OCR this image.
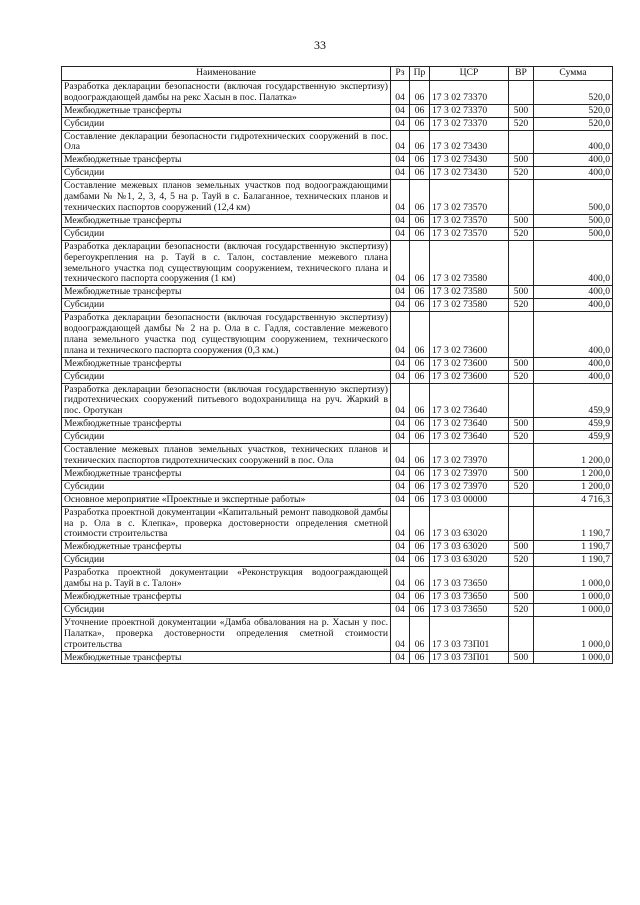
33
Наименование	Рз	Пр	ЦСР	ВР	Сумма
Разработка декларации безопасности (включая государственную экспертизу) водоограждающей дамбы на рекс Хасын в пос. Палатка»	04	06	17 3 02 73370		520,0
Межбюджетные трансферты	04	06	17 3 02 73370	500	520,0
Субсидии	04	06	17 3 02 73370	520	520,0
Составление декларации безопасности гидротехнических сооружений в пос. Ола	04	06	17 3 02 73430		400,0
Межбюджетные трансферты	04	06	17 3 02 73430	500	400,0
Субсидии	04	06	17 3 02 73430	520	400,0
Составление межевых планов земельных участков под водоограждающими дамбами № №1, 2, 3, 4, 5 на р. Тауй в с. Балаганное, технических планов и технических паспортов сооружений (12,4 км)	04	06	17 3 02 73570		500,0
Межбюджетные трансферты	04	06	17 3 02 73570	500	500,0
Субсидии	04	06	17 3 02 73570	520	500,0
Разработка декларации безопасности (включая государственную экспертизу) берегоукрепления на р. Тауй в с. Талон, составление межевого плана земельного участка под существующим сооружением, технического плана и технического паспорта сооружения (1 км)	04	06	17 3 02 73580		400,0
Межбюджетные трансферты	04	06	17 3 02 73580	500	400,0
Субсидии	04	06	17 3 02 73580	520	400,0
Разработка декларации безопасности (включая государственную экспертизу) водоограждающей дамбы № 2 на р. Ола в с. Гадля, составление межевого плана земельного участка под существующим сооружением, технического плана и технического паспорта сооружения (0,3 км.)	04	06	17 3 02 73600		400,0
Межбюджетные трансферты	04	06	17 3 02 73600	500	400,0
Субсидии	04	06	17 3 02 73600	520	400,0
Разработка декларации безопасности (включая государственную экспертизу) гидротехнических сооружений питьевого водохранилища на руч. Жаркий в пос. Оротукан	04	06	17 3 02 73640		459,9
Межбюджетные трансферты	04	06	17 3 02 73640	500	459,9
Субсидии	04	06	17 3 02 73640	520	459,9
Составление межевых планов земельных участков, технических планов и технических паспортов гидротехнических сооружений в пос. Ола	04	06	17 3 02 73970		1 200,0
Межбюджетные трансферты	04	06	17 3 02 73970	500	1 200,0
Субсидии	04	06	17 3 02 73970	520	1 200,0
Основное мероприятие «Проектные и экспертные работы»	04	06	17 3 03 00000		4 716,3
Разработка проектной документации «Капитальный ремонт паводковой дамбы на р. Ола в с. Клепка», проверка достоверности определения сметной стоимости строительства	04	06	17 3 03 63020		1 190,7
Межбюджетные трансферты	04	06	17 3 03 63020	500	1 190,7
Субсидии	04	06	17 3 03 63020	520	1 190,7
Разработка проектной документации «Реконструкция водоограждающей дамбы на р. Тауй в с. Талон»	04	06	17 3 03 73650		1 000,0
Межбюджетные трансферты	04	06	17 3 03 73650	500	1 000,0
Субсидии	04	06	17 3 03 73650	520	1 000,0
Уточнение проектной документации «Дамба обвалования на р. Хасын у пос. Палатка», проверка достоверности определения сметной стоимости строительства	04	06	17 3 03 73П01		1 000,0
Межбюджетные трансферты	04	06	17 3 03 73П01	500	1 000,0
